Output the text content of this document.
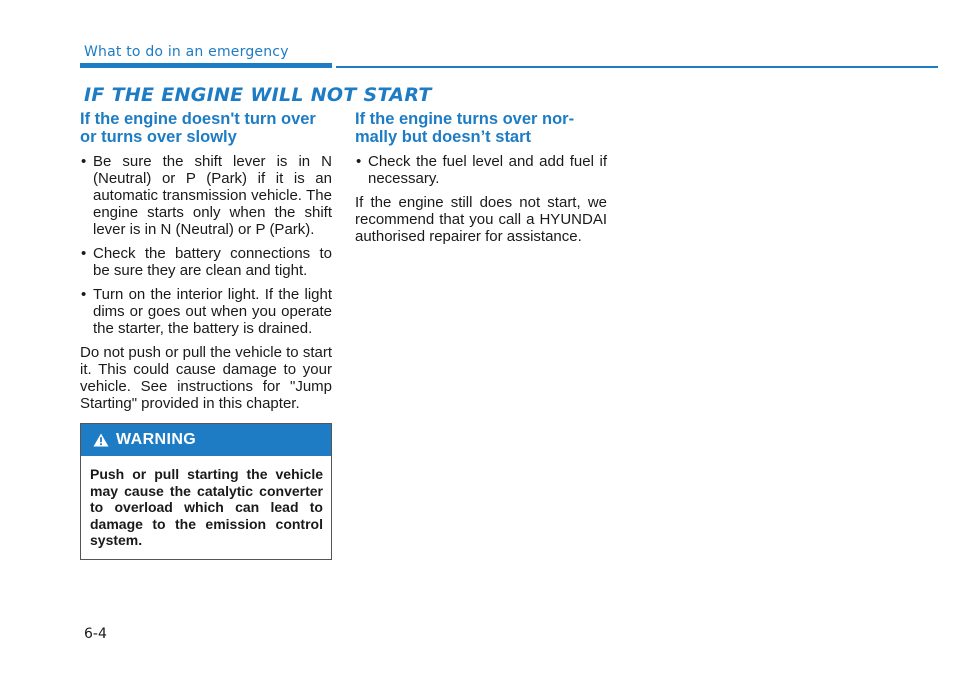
What to do in an emergency
IF THE ENGINE WILL NOT START
If the engine doesn't turn over
or turns over slowly
• Be sure the shift lever is in N (Neutral) or P (Park) if it is an automatic transmission vehicle. The engine starts only when the shift lever is in N (Neutral) or P (Park).
• Check the battery connections to be sure they are clean and tight.
• Turn on the interior light. If the light dims or goes out when you operate the starter, the battery is drained.

Do not push or pull the vehicle to start it. This could cause damage to your vehicle. See instructions for "Jump Starting" provided in this chapter.

WARNING
Push or pull starting the vehicle may cause the catalytic converter to overload which can lead to damage to the emission control system.
If the engine turns over nor-
mally but doesn’t start
• Check the fuel level and add fuel if necessary.

If the engine still does not start, we recommend that you call a HYUNDAI authorised repairer for assistance.

6-4
